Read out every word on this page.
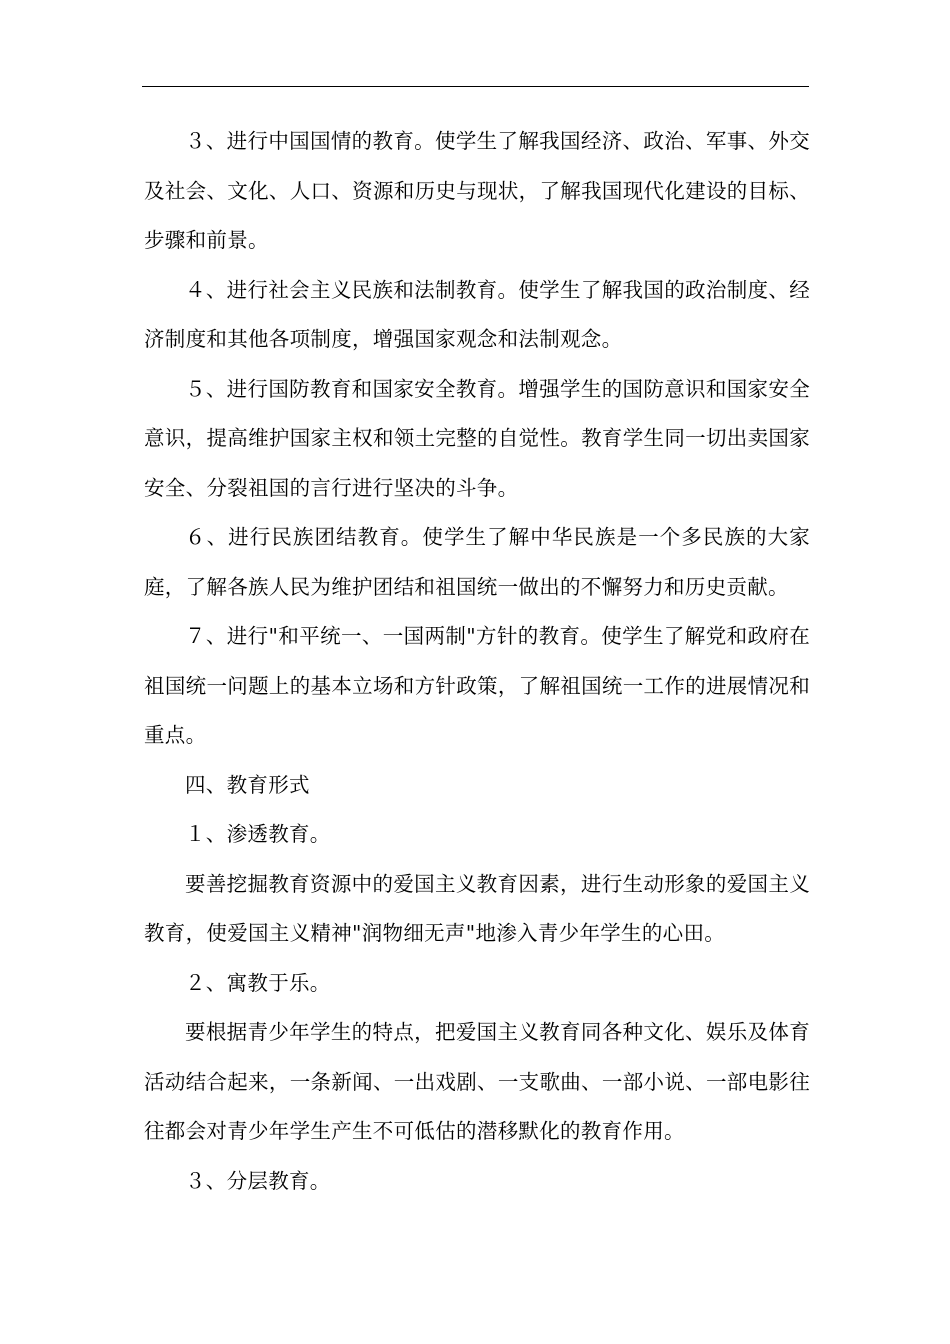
３、进行中国国情的教育。使学生了解我国经济、政治、军事、外交及社会、文化、人口、资源和历史与现状，了解我国现代化建设的目标、步骤和前景。

４、进行社会主义民族和法制教育。使学生了解我国的政治制度、经济制度和其他各项制度，增强国家观念和法制观念。

５、进行国防教育和国家安全教育。增强学生的国防意识和国家安全意识，提高维护国家主权和领土完整的自觉性。教育学生同一切出卖国家安全、分裂祖国的言行进行坚决的斗争。

６、进行民族团结教育。使学生了解中华民族是一个多民族的大家庭，了解各族人民为维护团结和祖国统一做出的不懈努力和历史贡献。

７、进行"和平统一、一国两制"方针的教育。使学生了解党和政府在祖国统一问题上的基本立场和方针政策，了解祖国统一工作的进展情况和重点。

四、教育形式

１、渗透教育。

要善挖掘教育资源中的爱国主义教育因素，进行生动形象的爱国主义教育，使爱国主义精神"润物细无声"地渗入青少年学生的心田。

２、寓教于乐。

要根据青少年学生的特点，把爱国主义教育同各种文化、娱乐及体育活动结合起来，一条新闻、一出戏剧、一支歌曲、一部小说、一部电影往往都会对青少年学生产生不可低估的潜移默化的教育作用。

３、分层教育。
